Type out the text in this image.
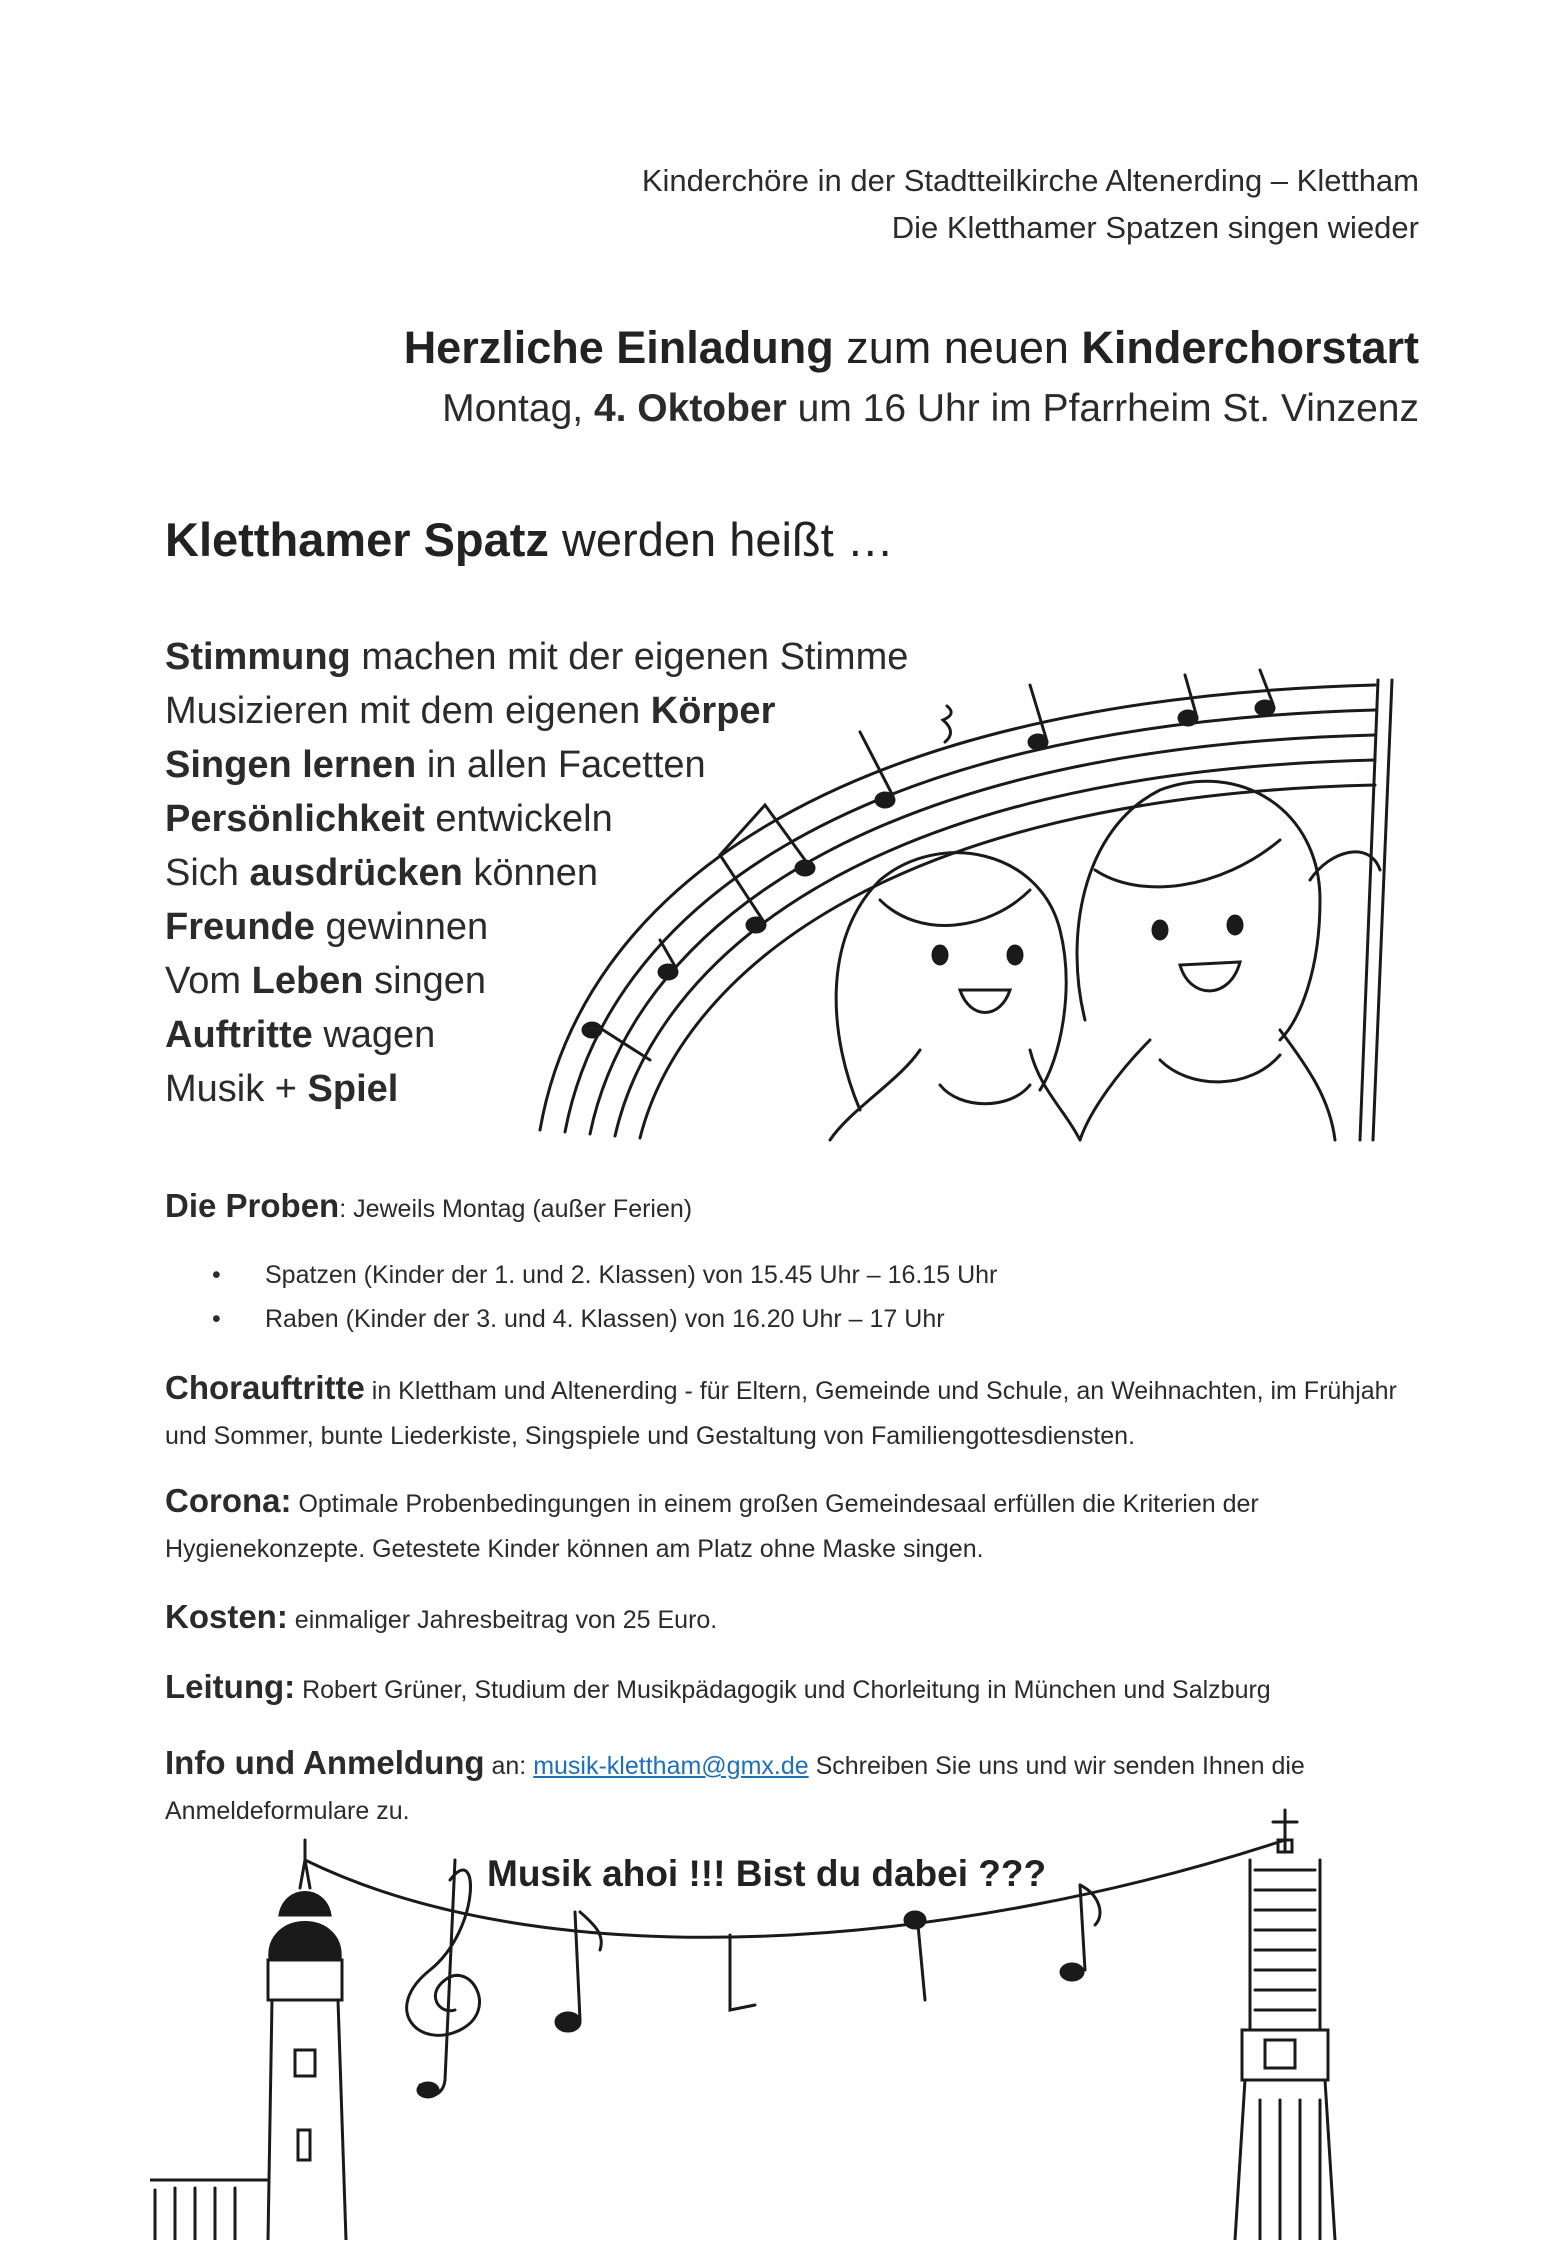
Kinderchöre in der Stadtteilkirche Altenerding – Klettham
Die Kletthamer Spatzen singen wieder
Herzliche Einladung zum neuen Kinderchorstart
Montag, 4. Oktober um 16 Uhr im Pfarrheim St. Vinzenz
Kletthamer Spatz werden heißt …
Stimmung machen mit der eigenen Stimme
Musizieren mit dem eigenen Körper
Singen lernen in allen Facetten
Persönlichkeit entwickeln
Sich ausdrücken können
Freunde gewinnen
Vom Leben singen
Auftritte wagen
Musik + Spiel
Die Proben: Jeweils Montag (außer Ferien)
• Spatzen (Kinder der 1. und 2. Klassen) von 15.45 Uhr – 16.15 Uhr
• Raben (Kinder der 3. und 4. Klassen) von 16.20 Uhr – 17 Uhr
Chorauftritte in Klettham und Altenerding - für Eltern, Gemeinde und Schule, an Weihnachten, im Frühjahr und Sommer, bunte Liederkiste, Singspiele und Gestaltung von Familiengottesdiensten.
Corona: Optimale Probenbedingungen in einem großen Gemeindesaal erfüllen die Kriterien der Hygienekonzepte. Getestete Kinder können am Platz ohne Maske singen.
Kosten: einmaliger Jahresbeitrag von 25 Euro.
Leitung: Robert Grüner, Studium der Musikpädagogik und Chorleitung in München und Salzburg
Info und Anmeldung an: musik-klettham@gmx.de Schreiben Sie uns und wir senden Ihnen die Anmeldeformulare zu.
Musik ahoi !!! Bist du dabei ???
